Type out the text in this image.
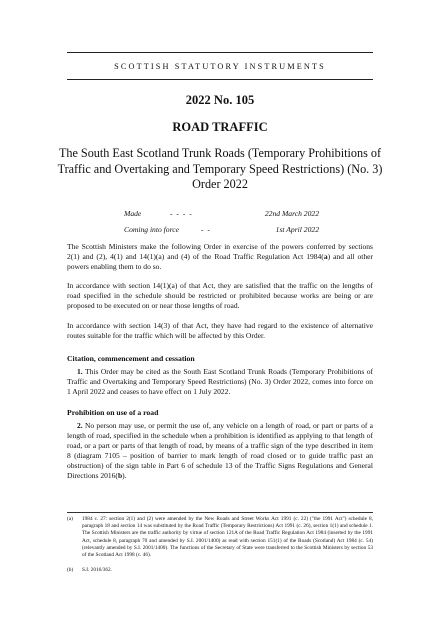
SCOTTISH STATUTORY INSTRUMENTS
2022 No. 105
ROAD TRAFFIC
The South East Scotland Trunk Roads (Temporary Prohibitions of Traffic and Overtaking and Temporary Speed Restrictions) (No. 3) Order 2022
Made	- - - -	22nd March 2022
Coming into force	- -	1st April 2022
The Scottish Ministers make the following Order in exercise of the powers conferred by sections 2(1) and (2), 4(1) and 14(1)(a) and (4) of the Road Traffic Regulation Act 1984(a) and all other powers enabling them to do so.
In accordance with section 14(1)(a) of that Act, they are satisfied that the traffic on the lengths of road specified in the schedule should be restricted or prohibited because works are being or are proposed to be executed on or near those lengths of road.
In accordance with section 14(3) of that Act, they have had regard to the existence of alternative routes suitable for the traffic which will be affected by this Order.
Citation, commencement and cessation
1. This Order may be cited as the South East Scotland Trunk Roads (Temporary Prohibitions of Traffic and Overtaking and Temporary Speed Restrictions) (No. 3) Order 2022, comes into force on 1 April 2022 and ceases to have effect on 1 July 2022.
Prohibition on use of a road
2. No person may use, or permit the use of, any vehicle on a length of road, or part or parts of a length of road, specified in the schedule when a prohibition is identified as applying to that length of road, or a part or parts of that length of road, by means of a traffic sign of the type described in item 8 (diagram 7105 – position of barrier to mark length of road closed or to guide traffic past an obstruction) of the sign table in Part 6 of schedule 13 of the Traffic Signs Regulations and General Directions 2016(b).
(a) 1984 c. 27: section 2(1) and (2) were amended by the New Roads and Street Works Act 1991 (c. 22) ("the 1991 Act") schedule 8, paragraph 18 and section 14 was substituted by the Road Traffic (Temporary Restrictions) Act 1991 (c. 26), section 1(1) and schedule 1. The Scottish Ministers are the traffic authority by virtue of section 121A of the Road Traffic Regulation Act 1984 (inserted by the 1991 Act, schedule 8, paragraph 70 and amended by S.I. 2001/1400) as read with section 151(1) of the Roads (Scotland) Act 1984 (c. 54) (relevantly amended by S.I. 2001/1400). The functions of the Secretary of State were transferred to the Scottish Ministers by section 53 of the Scotland Act 1998 (c. 46).
(b) S.I. 2016/362.
